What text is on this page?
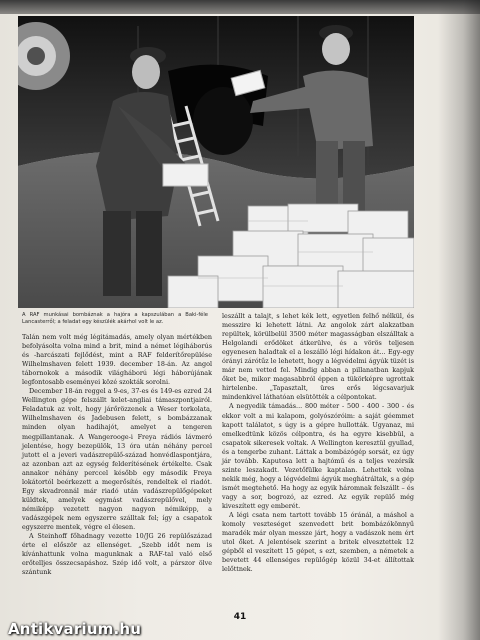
A RAF munkásai bombáznak a hajóra a kapszulában a Baki-féle Lancasterről; a feladat egy készülék akárhol volt le az.

Talán nem volt még légitámadás, amely olyan mértékben befolyásolta volna mind a brit, mind a német légiháborús és -harcászati fejlődést, mint a RAF felderítőrepülése Wilhelmshaven felett 1939. december 18-án. Az angol tábornokok a második világháború légi háborújának legfontosabb eseményei közé szokták sorolni.

December 18-án reggel a 9-es, 37-es és 149-es ezred 24 Wellington gépe felszállt kelet-angliai támaszpontjairól. Feladatuk az volt, hogy járőrözzenek a Weser torkolata, Wilhelmshaven és Jadebusen felett, s bombázzanak minden olyan hadihajót, amelyet a tengeren megpillantanak. A Wangerooge-i Freya rádiós lávmeró jelentése, hogy bezepülök, 13 óra után néhány percel jutott el a jeveri vadászrepülő-század honvédlaspontjára, az azonban azt az egység felderítésének értékelte. Csak annakor néhány perccel később egy második Freya lokátortól beérkezett a megerősítés, rendeltek el riadót. Egy skvadronnál már riadó után vadászrepülőgépeket küldtek, amelyek egymást vadászrepülővel, mely némiképp vezetett nagyon nagyon némiképp, a vadászgépek nem egyszerre szálltak fel; így a csapatok egyszerre mentek, végre el élesen.

A Steinhoff főhadnagy vezette 10/JG 26 repülőszázad érte el először az ellenséget. „Szebb időt nem is kívánhattunk volna magunknak a RAF-tal való első erőtelljes összecsapáshoz. Szép idő volt, a párszor ölve szántunk

leszállt a talajt, s lehet kék lett, egyetlen felhő nélkül, és messzire ki lehetett látni. Az angolok zárt alakzatban repültek, körülbelül 3500 méter magasságban elszálltak a Helgolandi erődöket átkerülve, és a vörös teljesen egyenesen haladtak el a leszálló légi hídakon át... Egy-egy órányi zárótűz le lehetett, hogy a légvédelmi ágyúk tüzét is már nem vetted fel. Mindig abban a pillanatban kapjuk őket be, mikor magasabbról éppen a tükörképre ugrottak hirtelenbe. „Tapasztalt, üres erős légcsavarjuk mindenkivel láthatóan elsütötték a célpontokat.

A negyedik támadás... 800 méter - 500 - 400 - 300 - és ekkor volt a mi kalapom, golyószóróim: a saját géemmet kapott találatot, s úgy is a gépre hullották. Ugyanaz, mi emelkedtünk közös célpontra, és ha egyre kisebbül, a csapatok sikeresek voltak. A Wellington keresztül gyullad, és a tengerbe zuhant. Láttak a bombázógép sorsát, ez úgy jár tovább. Kaputosa lett a hajtómű és a teljes vezérsík szinte leszakadt. Vezetőfülke kaptalan. Lehettek volna nekik még, hogy a légvédelmi ágyúk meghátráltak, s a gép ismét megtehető. Ha hogy az egyik háromnak felszállt – és vagy a sor, bogrozó, az ezred. Az egyik repülő még kiveszített egy emberét.

A légi csata nem tartott tovább 15 óránál, a máshol a komoly veszteséget szenvedett brit bombázókönnyű maradék már olyan messze járt, hogy a vadászok nem ért utol őket. A jelentések szerint a britek elvesztettek 12 gépből el veszített 15 gépet, s ezt, szemben, a németek a bevetett 44 ellenséges repülőgép közül 34-et állítottak lelőttnek.

41
Antikvarium.hu
